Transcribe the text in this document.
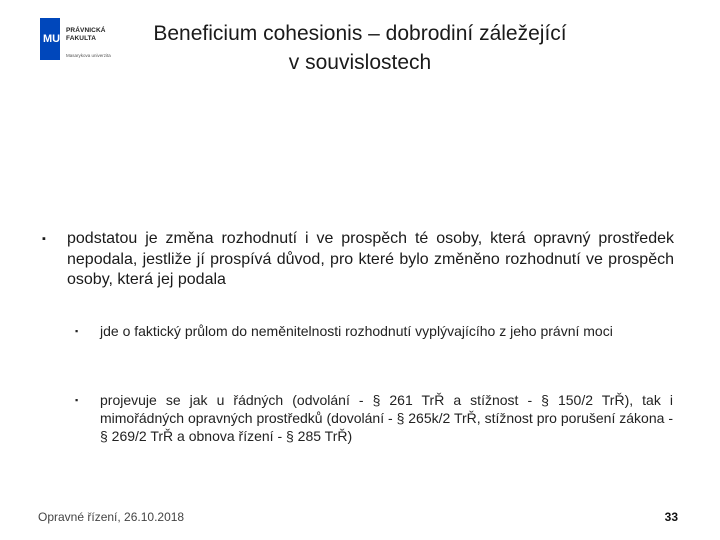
MU
PRÁVNICKÁ
FAKULTA
Masarykova univerzita
Beneficium cohesionis – dobrodiní záležející
v souvislostech
▪ podstatou je změna rozhodnutí i ve prospěch té osoby, která opravný prostředek nepodala, jestliže jí prospívá důvod, pro které bylo změněno rozhodnutí ve prospěch osoby, která jej podala
▪ jde o faktický průlom do neměnitelnosti rozhodnutí vyplývajícího z jeho právní moci
▪ projevuje se jak u řádných (odvolání - § 261 TrŘ a stížnost - § 150/2 TrŘ), tak i mimořádných opravných prostředků (dovolání - § 265k/2 TrŘ, stížnost pro porušení zákona - § 269/2 TrŘ a obnova řízení - § 285 TrŘ)
Opravné řízení, 26.10.2018	33
